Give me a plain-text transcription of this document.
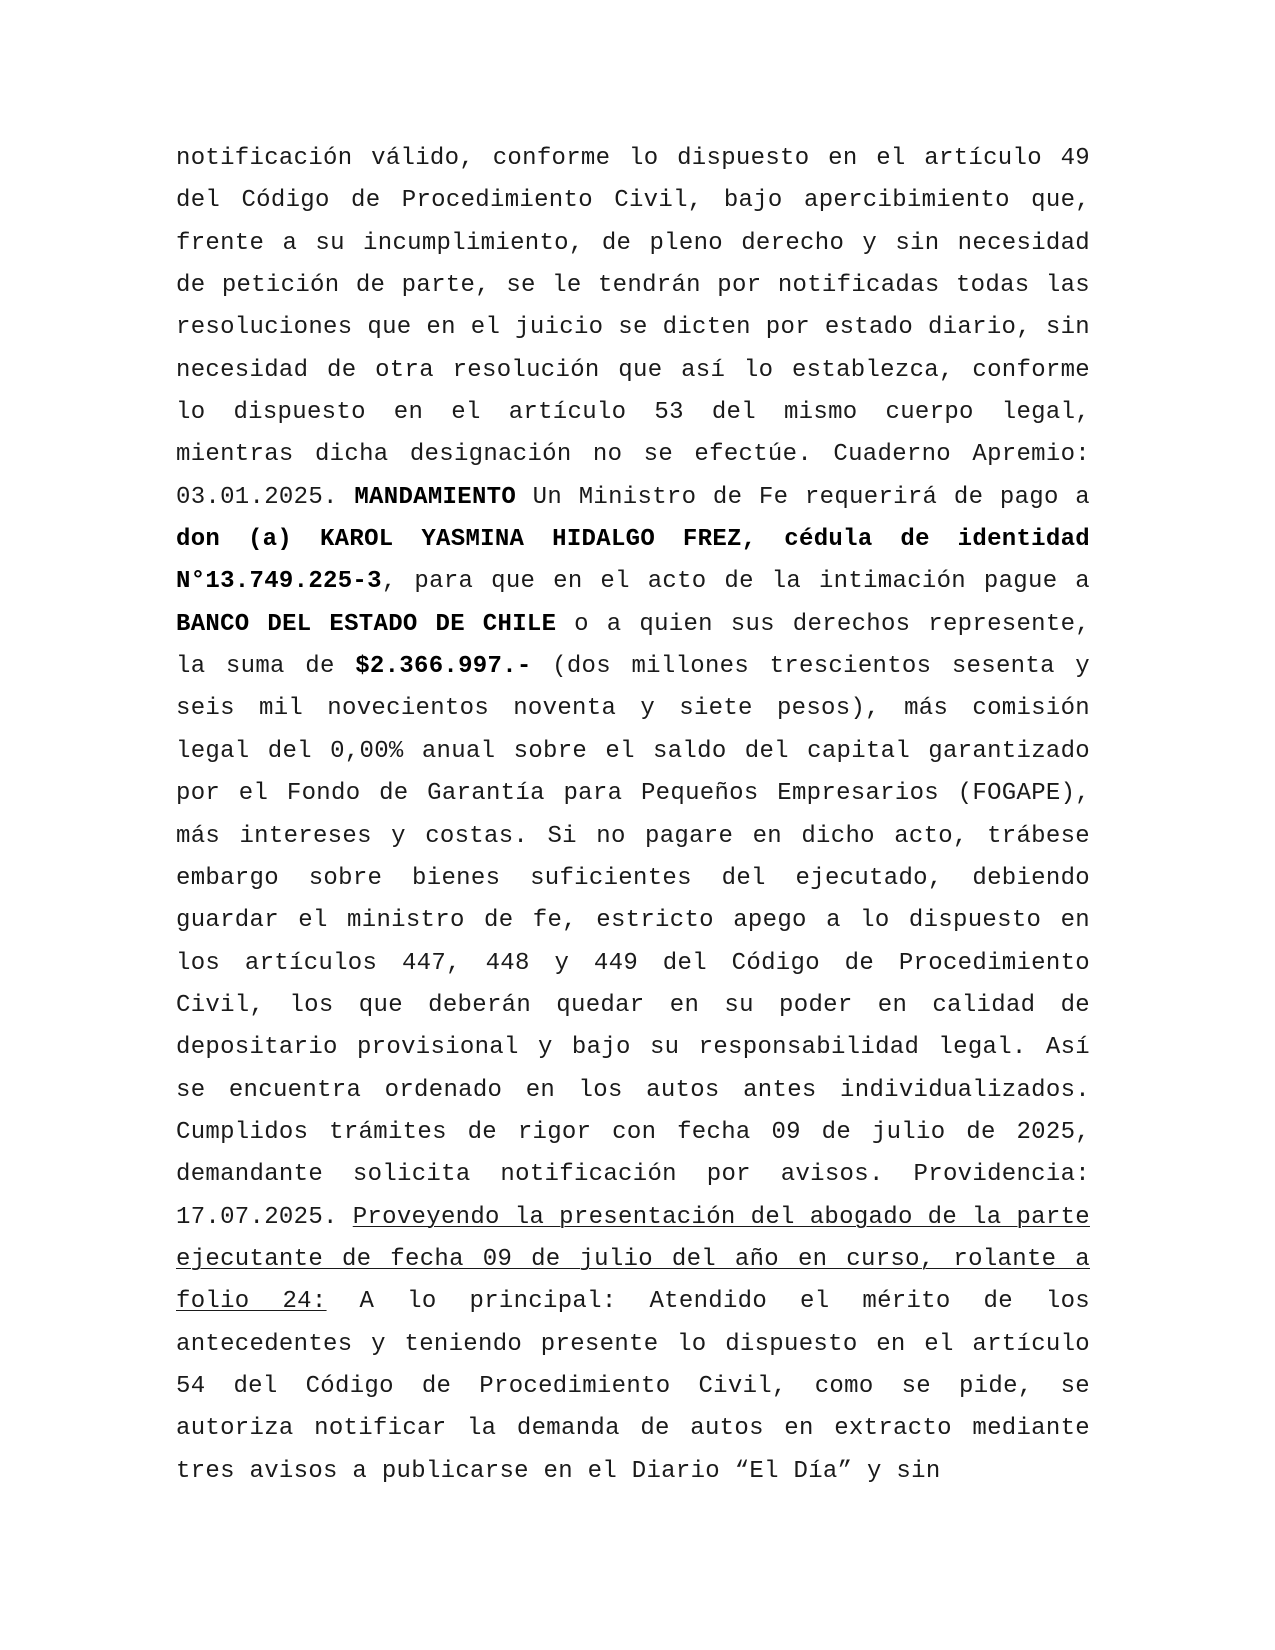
notificación válido, conforme lo dispuesto en el artículo 49 del Código de Procedimiento Civil, bajo apercibimiento que, frente a su incumplimiento, de pleno derecho y sin necesidad de petición de parte, se le tendrán por notificadas todas las resoluciones que en el juicio se dicten por estado diario, sin necesidad de otra resolución que así lo establezca, conforme lo dispuesto en el artículo 53 del mismo cuerpo legal, mientras dicha designación no se efectúe. Cuaderno Apremio: 03.01.2025. MANDAMIENTO Un Ministro de Fe requerirá de pago a don (a) KAROL YASMINA HIDALGO FREZ, cédula de identidad N°13.749.225-3, para que en el acto de la intimación pague a BANCO DEL ESTADO DE CHILE o a quien sus derechos represente, la suma de $2.366.997.- (dos millones trescientos sesenta y seis mil novecientos noventa y siete pesos), más comisión legal del 0,00% anual sobre el saldo del capital garantizado por el Fondo de Garantía para Pequeños Empresarios (FOGAPE), más intereses y costas. Si no pagare en dicho acto, trábese embargo sobre bienes suficientes del ejecutado, debiendo guardar el ministro de fe, estricto apego a lo dispuesto en los artículos 447, 448 y 449 del Código de Procedimiento Civil, los que deberán quedar en su poder en calidad de depositario provisional y bajo su responsabilidad legal. Así se encuentra ordenado en los autos antes individualizados. Cumplidos trámites de rigor con fecha 09 de julio de 2025, demandante solicita notificación por avisos. Providencia: 17.07.2025. Proveyendo la presentación del abogado de la parte ejecutante de fecha 09 de julio del año en curso, rolante a folio 24: A lo principal: Atendido el mérito de los antecedentes y teniendo presente lo dispuesto en el artículo 54 del Código de Procedimiento Civil, como se pide, se autoriza notificar la demanda de autos en extracto mediante tres avisos a publicarse en el Diario “El Día” y sin
